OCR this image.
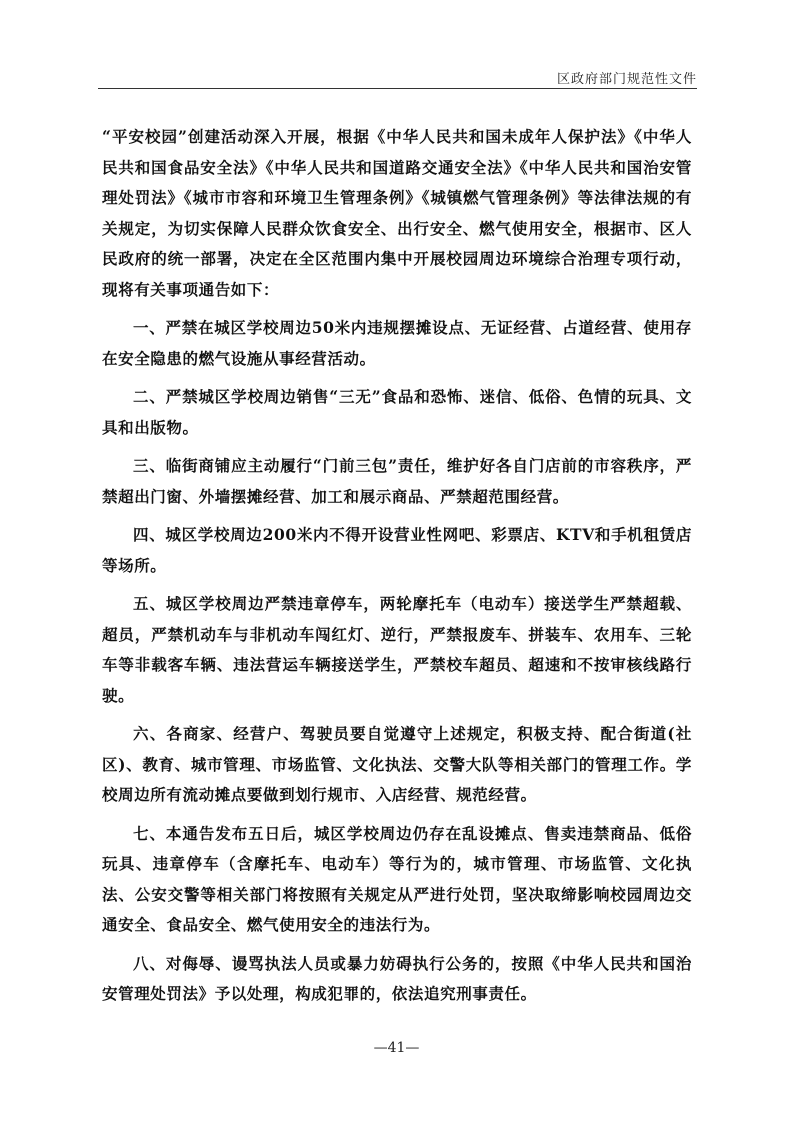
区政府部门规范性文件

“平安校园”创建活动深入开展，根据《中华人民共和国未成年人保护法》《中华人民共和国食品安全法》《中华人民共和国道路交通安全法》《中华人民共和国治安管理处罚法》《城市市容和环境卫生管理条例》《城镇燃气管理条例》等法律法规的有关规定，为切实保障人民群众饮食安全、出行安全、燃气使用安全，根据市、区人民政府的统一部署，决定在全区范围内集中开展校园周边环境综合治理专项行动，现将有关事项通告如下：

一、严禁在城区学校周边50米内违规摆摊设点、无证经营、占道经营、使用存在安全隐患的燃气设施从事经营活动。

二、严禁城区学校周边销售“三无”食品和恐怖、迷信、低俗、色情的玩具、文具和出版物。

三、临街商铺应主动履行“门前三包”责任，维护好各自门店前的市容秩序，严禁超出门窗、外墙摆摊经营、加工和展示商品、严禁超范围经营。

四、城区学校周边200米内不得开设营业性网吧、彩票店、KTV和手机租赁店等场所。

五、城区学校周边严禁违章停车，两轮摩托车（电动车）接送学生严禁超载、超员，严禁机动车与非机动车闯红灯、逆行，严禁报废车、拼装车、农用车、三轮车等非载客车辆、违法营运车辆接送学生，严禁校车超员、超速和不按审核线路行驶。

六、各商家、经营户、驾驶员要自觉遵守上述规定，积极支持、配合街道(社区)、教育、城市管理、市场监管、文化执法、交警大队等相关部门的管理工作。学校周边所有流动摊点要做到划行规市、入店经营、规范经营。

七、本通告发布五日后，城区学校周边仍存在乱设摊点、售卖违禁商品、低俗玩具、违章停车（含摩托车、电动车）等行为的，城市管理、市场监管、文化执法、公安交警等相关部门将按照有关规定从严进行处罚，坚决取缔影响校园周边交通安全、食品安全、燃气使用安全的违法行为。

八、对侮辱、谩骂执法人员或暴力妨碍执行公务的，按照《中华人民共和国治安管理处罚法》予以处理，构成犯罪的，依法追究刑事责任。

—41—
